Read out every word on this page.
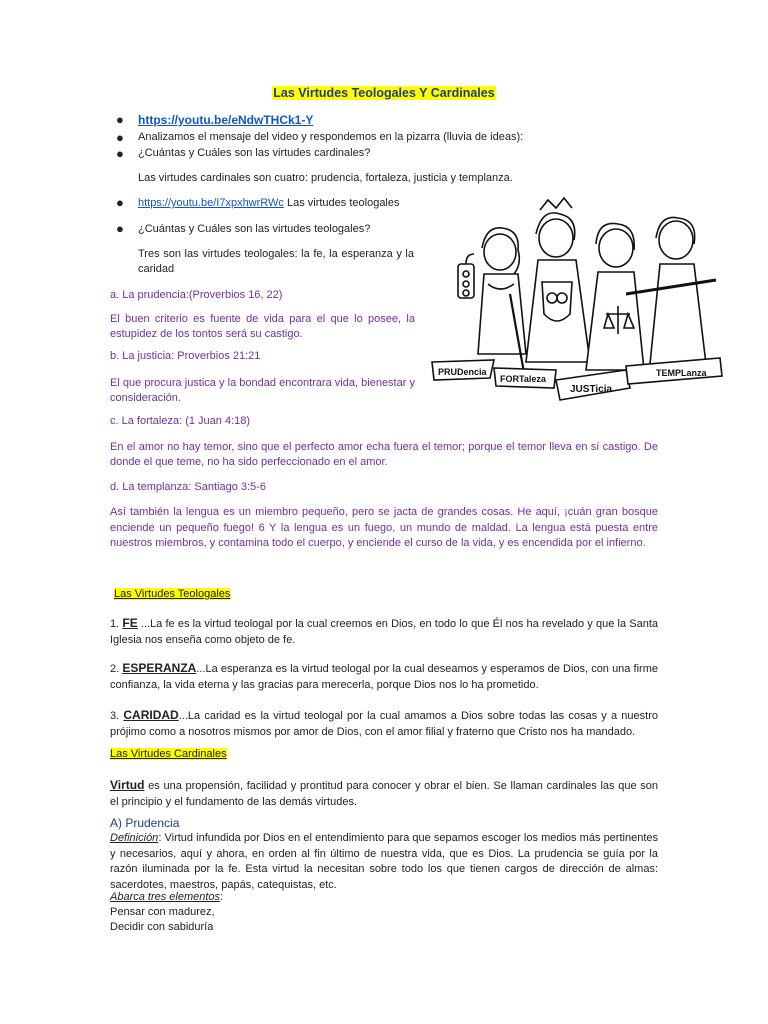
Las Virtudes Teologales Y Cardinales
● https://youtu.be/eNdwTHCk1-Y
● Analizamos el mensaje del video y respondemos en la pizarra (lluvia de ideas):
● ¿Cuántas y Cuáles son las virtudes cardinales?
Las virtudes cardinales son cuatro: prudencia, fortaleza, justicia y templanza.
● https://youtu.be/I7xpxhwrRWc Las virtudes teologales
● ¿Cuántas y Cuáles son las virtudes teologales?
Tres son las virtudes teologales: la fe, la esperanza y la
caridad
PRUDencia
FORTaleza
JUSTicia
TEMPLanza
a. La prudencia:(Proverbios 16, 22)
El buen criterio es fuente de vida para el que lo posee, la estupidez de los tontos será su castigo.
b. La justicia: Proverbios 21:21
El que procura justica y la bondad encontrara vida, bienestar y consideración.
c. La fortaleza: (1 Juan 4:18)
En el amor no hay temor, sino que el perfecto amor echa fuera el temor; porque el temor lleva en sí castigo. De donde el que teme, no ha sido perfeccionado en el amor.
d. La templanza: Santiago 3:5-6
Así también la lengua es un miembro pequeño, pero se jacta de grandes cosas. He aquí, ¡cuán gran bosque enciende un pequeño fuego! 6 Y la lengua es un fuego, un mundo de maldad. La lengua está puesta entre nuestros miembros, y contamina todo el cuerpo, y enciende el curso de la vida, y es encendida por el infierno.
Las Virtudes Teologales
1. FE ...La fe es la virtud teologal por la cual creemos en Dios, en todo lo que Él nos ha revelado y que la Santa Iglesia nos enseña como objeto de fe.
2. ESPERANZA...La esperanza es la virtud teologal por la cual deseamos y esperamos de Dios, con una firme confianza, la vida eterna y las gracias para merecerla, porque Dios nos lo ha prometido.
3. CARIDAD...La caridad es la virtud teologal por la cual amamos a Dios sobre todas las cosas y a nuestro prójimo como a nosotros mismos por amor de Dios, con el amor filial y fraterno que Cristo nos ha mandado.
Las Virtudes Cardinales
Virtud es una propensión, facilidad y prontitud para conocer y obrar el bien. Se llaman cardinales las que son el principio y el fundamento de las demás virtudes.
A) Prudencia
Definición: Virtud infundida por Dios en el entendimiento para que sepamos escoger los medios más pertinentes y necesarios, aquí y ahora, en orden al fin último de nuestra vida, que es Dios. La prudencia se guía por la razón iluminada por la fe. Esta virtud la necesitan sobre todo los que tienen cargos de dirección de almas: sacerdotes, maestros, papás, catequistas, etc.
Abarca tres elementos:
Pensar con madurez,
Decidir con sabiduría
